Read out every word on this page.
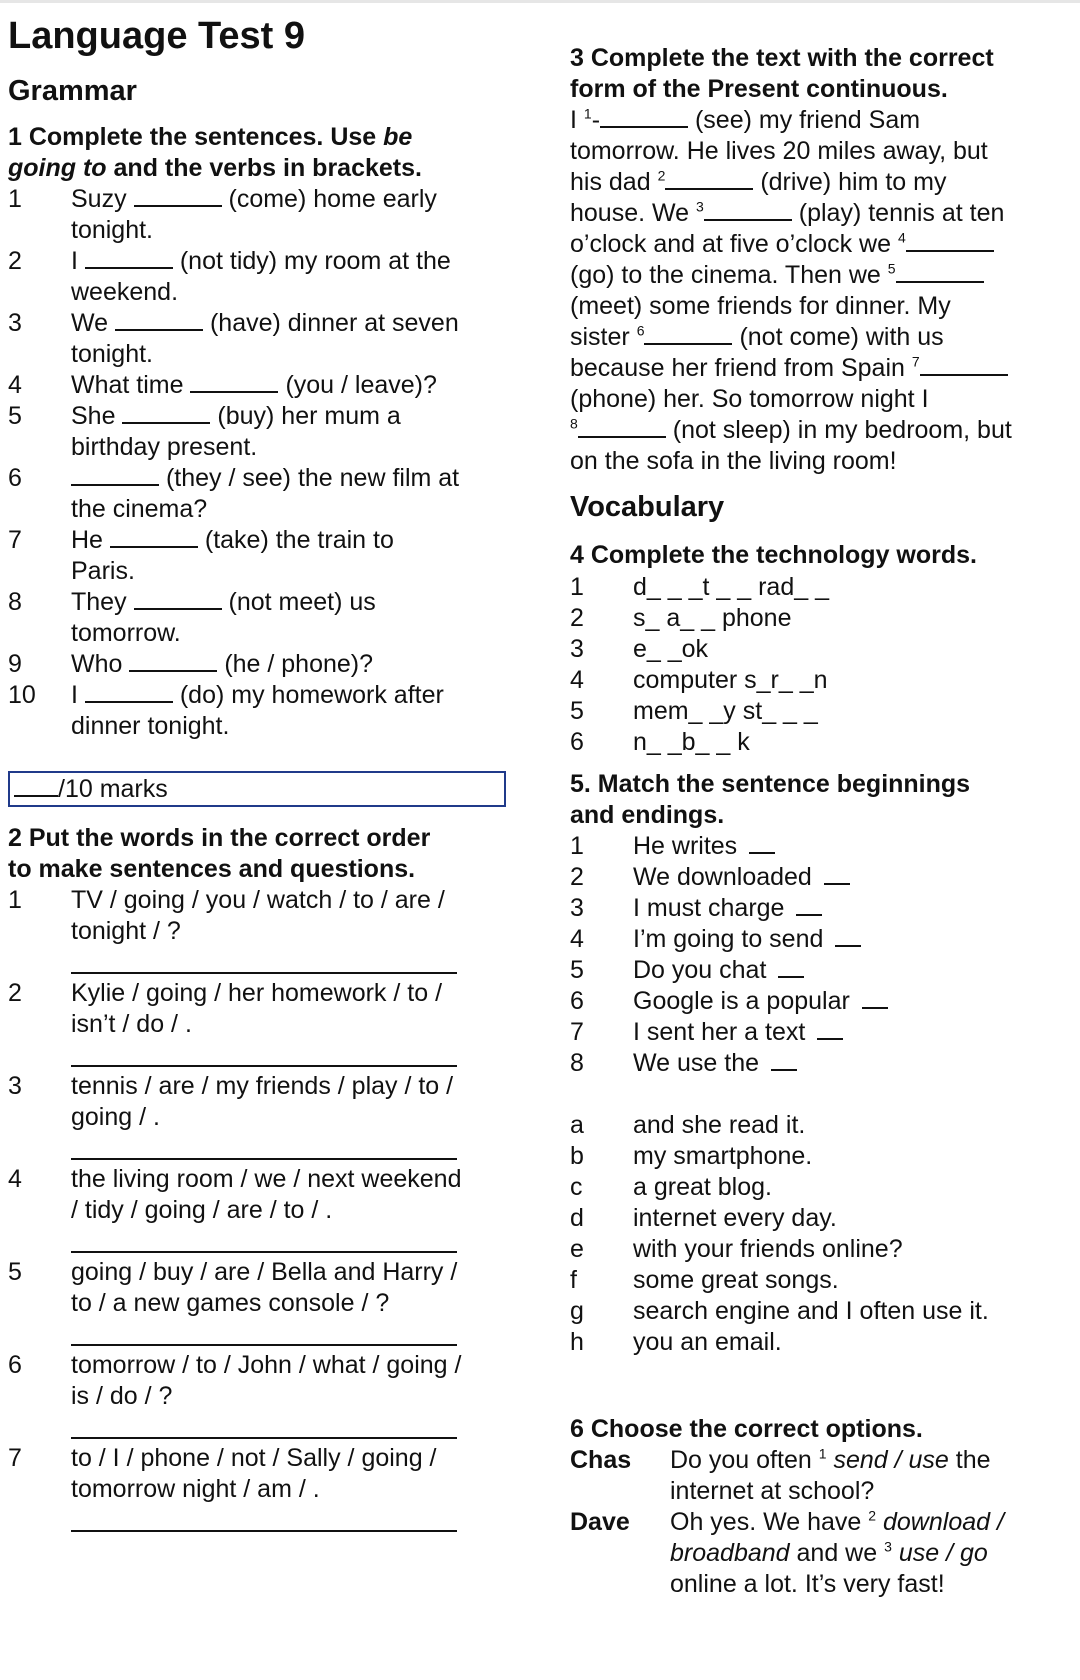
Language Test 9
Grammar
1 Complete the sentences. Use be
going to and the verbs in brackets.
1	Suzy	(come) home early
tonight.
2	I	(not tidy) my room at the
weekend.
3	We	(have) dinner at seven
tonight.
4	What time	(you / leave)?
5	She	(buy) her mum a
birthday present.
6	(they / see) the new film at
the cinema?
7	He	(take) the train to
Paris.
8	They	(not meet) us
tomorrow.
9	Who	(he / phone)?
10	I	(do) my homework after
dinner tonight.
/10 marks
2 Put the words in the correct order
to make sentences and questions.
1	TV / going / you / watch / to / are /
tonight / ?
2	Kylie / going / her homework / to /
isn’t / do / .
3	tennis / are / my friends / play / to /
going / .
4	the living room / we / next weekend
/ tidy / going / are / to / .
5	going / buy / are / Bella and Harry /
to / a new games console / ?
6	tomorrow / to / John / what / going /
is / do / ?
7	to / I / phone / not / Sally / going /
tomorrow night / am / .
3 Complete the text with the correct
form of the Present continuous.
I $^1$-	(see) my friend Sam
tomorrow. He lives 20 miles away, but
his dad $^2$	(drive) him to my
house. We $^3$	(play) tennis at ten
o’clock and at five o’clock we $^4$
(go) to the cinema. Then we $^5$
(meet) some friends for dinner. My
sister $^6$	(not come) with us
because her friend from Spain $^7$
(phone) her. So tomorrow night I
$^8$	(not sleep) in my bedroom, but
on the sofa in the living room!
Vocabulary
4 Complete the technology words.
1	d_ _ _t _ _ rad_ _
2	s_ a_ _ phone
3	e_ _ok
4	computer s_r_ _n
5	mem_ _y st_ _ _
6	n_ _b_ _ k
5. Match the sentence beginnings
and endings.
1	He writes
2	We downloaded
3	I must charge
4	I’m going to send
5	Do you chat
6	Google is a popular
7	I sent her a text
8	We use the
a	and she read it.
b	my smartphone.
c	a great blog.
d	internet every day.
e	with your friends online?
f	some great songs.
g	search engine and I often use it.
h	you an email.
6 Choose the correct options.
Chas Do you often $^1$ send / use the
internet at school?
Dave Oh yes. We have $^2$ download /
broadband and we $^3$ use / go
online a lot. It’s very fast!
